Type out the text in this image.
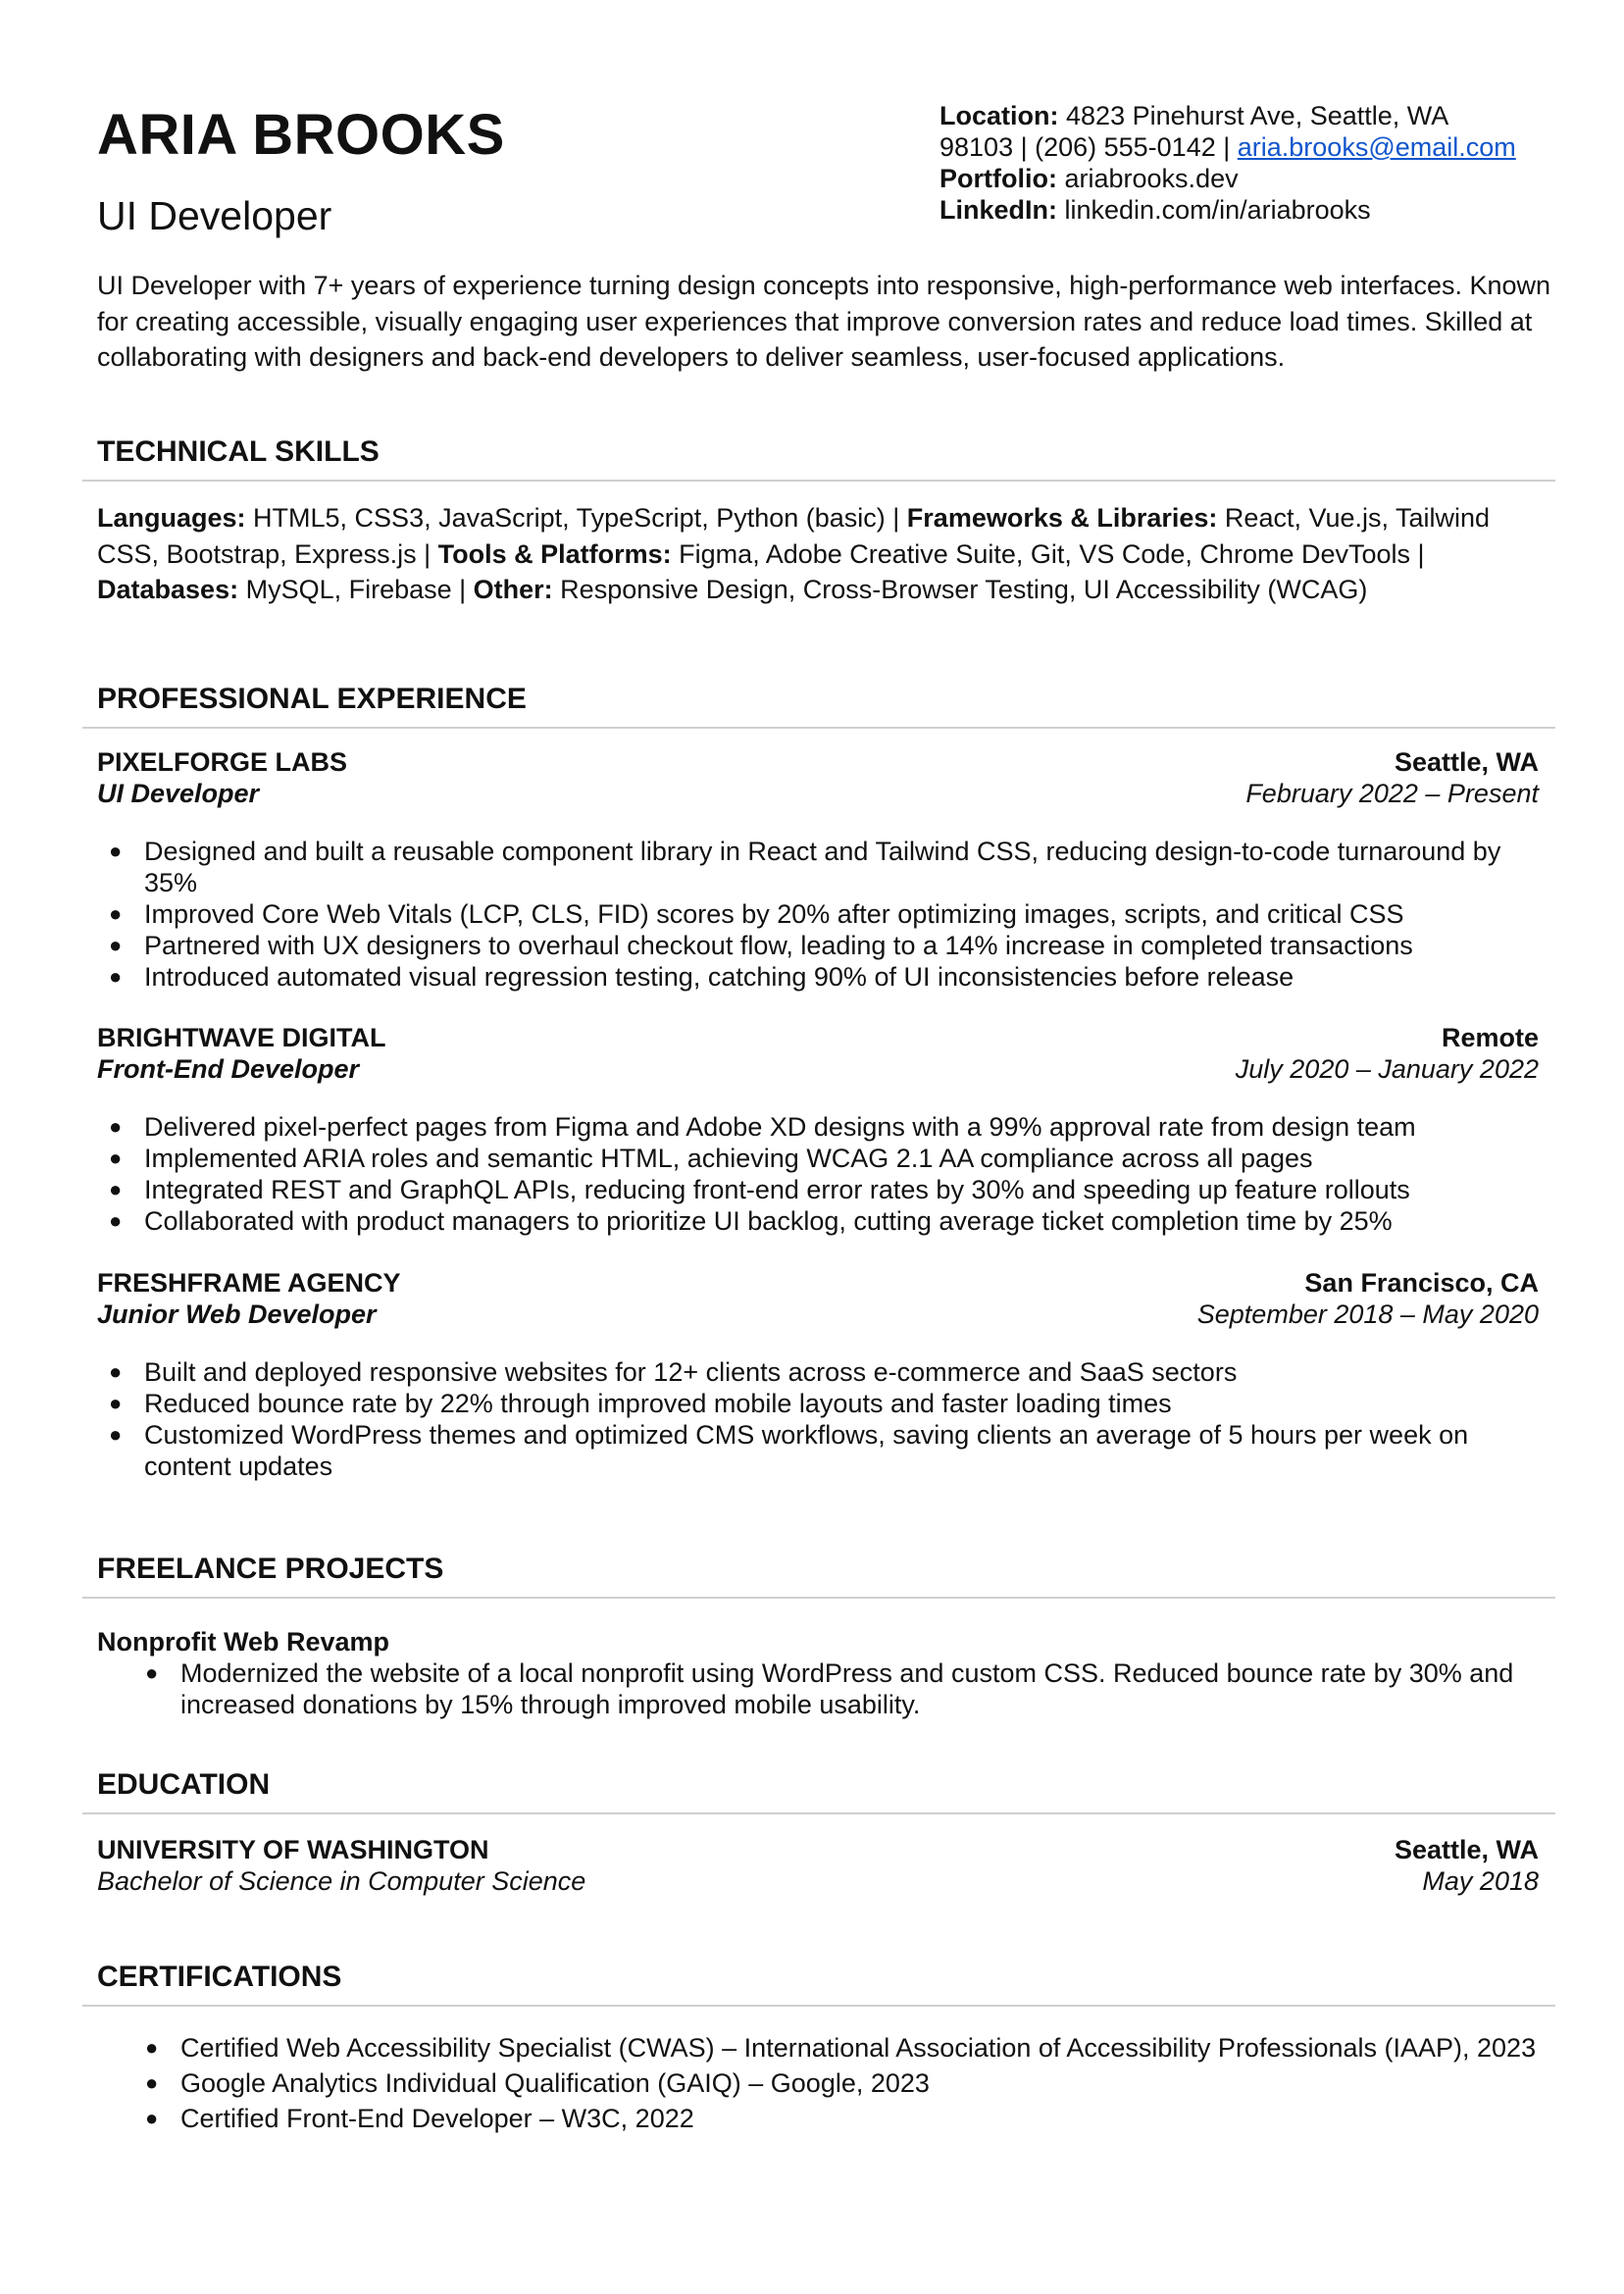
ARIA BROOKS
UI Developer
Location: 4823 Pinehurst Ave, Seattle, WA
98103 | (206) 555-0142 | aria.brooks@email.com
Portfolio: ariabrooks.dev
LinkedIn: linkedin.com/in/ariabrooks
UI Developer with 7+ years of experience turning design concepts into responsive, high-performance web interfaces. Known for creating accessible, visually engaging user experiences that improve conversion rates and reduce load times. Skilled at collaborating with designers and back-end developers to deliver seamless, user-focused applications.
TECHNICAL SKILLS
Languages: HTML5, CSS3, JavaScript, TypeScript, Python (basic) | Frameworks & Libraries: React, Vue.js, Tailwind CSS, Bootstrap, Express.js | Tools & Platforms: Figma, Adobe Creative Suite, Git, VS Code, Chrome DevTools | Databases: MySQL, Firebase | Other: Responsive Design, Cross-Browser Testing, UI Accessibility (WCAG)
PROFESSIONAL EXPERIENCE
PIXELFORGE LABS	Seattle, WA
UI Developer	February 2022 – Present
● Designed and built a reusable component library in React and Tailwind CSS, reducing design-to-code turnaround by 35%
● Improved Core Web Vitals (LCP, CLS, FID) scores by 20% after optimizing images, scripts, and critical CSS
● Partnered with UX designers to overhaul checkout flow, leading to a 14% increase in completed transactions
● Introduced automated visual regression testing, catching 90% of UI inconsistencies before release
BRIGHTWAVE DIGITAL	Remote
Front-End Developer	July 2020 – January 2022
● Delivered pixel-perfect pages from Figma and Adobe XD designs with a 99% approval rate from design team
● Implemented ARIA roles and semantic HTML, achieving WCAG 2.1 AA compliance across all pages
● Integrated REST and GraphQL APIs, reducing front-end error rates by 30% and speeding up feature rollouts
● Collaborated with product managers to prioritize UI backlog, cutting average ticket completion time by 25%
FRESHFRAME AGENCY	San Francisco, CA
Junior Web Developer	September 2018 – May 2020
● Built and deployed responsive websites for 12+ clients across e-commerce and SaaS sectors
● Reduced bounce rate by 22% through improved mobile layouts and faster loading times
● Customized WordPress themes and optimized CMS workflows, saving clients an average of 5 hours per week on content updates
FREELANCE PROJECTS
Nonprofit Web Revamp
● Modernized the website of a local nonprofit using WordPress and custom CSS. Reduced bounce rate by 30% and increased donations by 15% through improved mobile usability.
EDUCATION
UNIVERSITY OF WASHINGTON	Seattle, WA
Bachelor of Science in Computer Science	May 2018
CERTIFICATIONS
● Certified Web Accessibility Specialist (CWAS) – International Association of Accessibility Professionals (IAAP), 2023
● Google Analytics Individual Qualification (GAIQ) – Google, 2023
● Certified Front-End Developer – W3C, 2022
